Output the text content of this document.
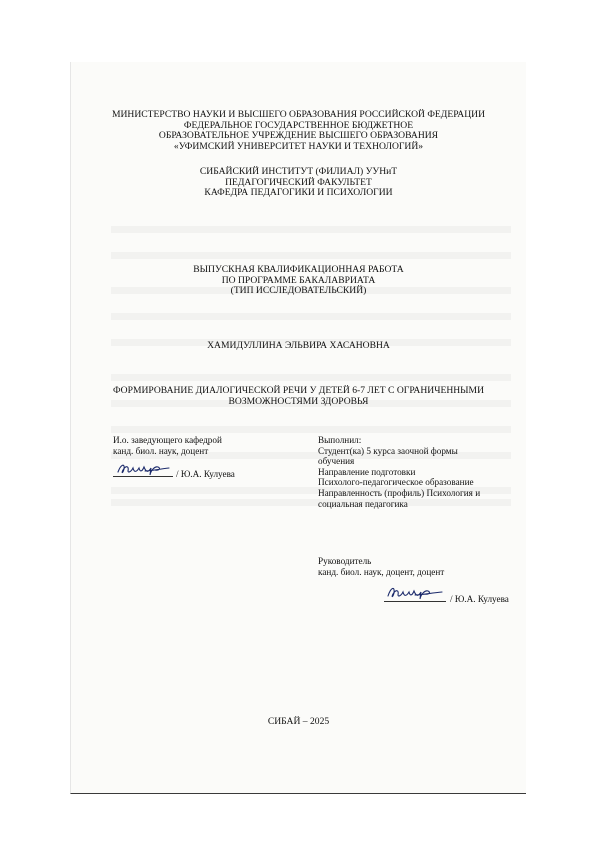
МИНИСТЕРСТВО НАУКИ И ВЫСШЕГО ОБРАЗОВАНИЯ РОССИЙСКОЙ ФЕДЕРАЦИИ
ФЕДЕРАЛЬНОЕ ГОСУДАРСТВЕННОЕ БЮДЖЕТНОЕ
ОБРАЗОВАТЕЛЬНОЕ УЧРЕЖДЕНИЕ ВЫСШЕГО ОБРАЗОВАНИЯ
«УФИМСКИЙ УНИВЕРСИТЕТ НАУКИ И ТЕХНОЛОГИЙ»
СИБАЙСКИЙ ИНСТИТУТ (ФИЛИАЛ) УУНиТ
ПЕДАГОГИЧЕСКИЙ ФАКУЛЬТЕТ
КАФЕДРА ПЕДАГОГИКИ И ПСИХОЛОГИИ
ВЫПУСКНАЯ КВАЛИФИКАЦИОННАЯ РАБОТА
ПО ПРОГРАММЕ БАКАЛАВРИАТА
(ТИП ИССЛЕДОВАТЕЛЬСКИЙ)
ХАМИДУЛЛИНА ЭЛЬВИРА ХАСАНОВНА
ФОРМИРОВАНИЕ ДИАЛОГИЧЕСКОЙ РЕЧИ У ДЕТЕЙ 6-7 ЛЕТ С ОГРАНИЧЕННЫМИ
ВОЗМОЖНОСТЯМИ ЗДОРОВЬЯ
И.о. заведующего кафедрой
канд. биол. наук, доцент
/ Ю.А. Кулуева
Выполнил:
Студент(ка) 5 курса заочной формы
обучения
Направление подготовки
Психолого-педагогическое образование
Направленность (профиль) Психология и
социальная педагогика
Руководитель
канд. биол. наук, доцент, доцент
/ Ю.А. Кулуева
СИБАЙ – 2025
